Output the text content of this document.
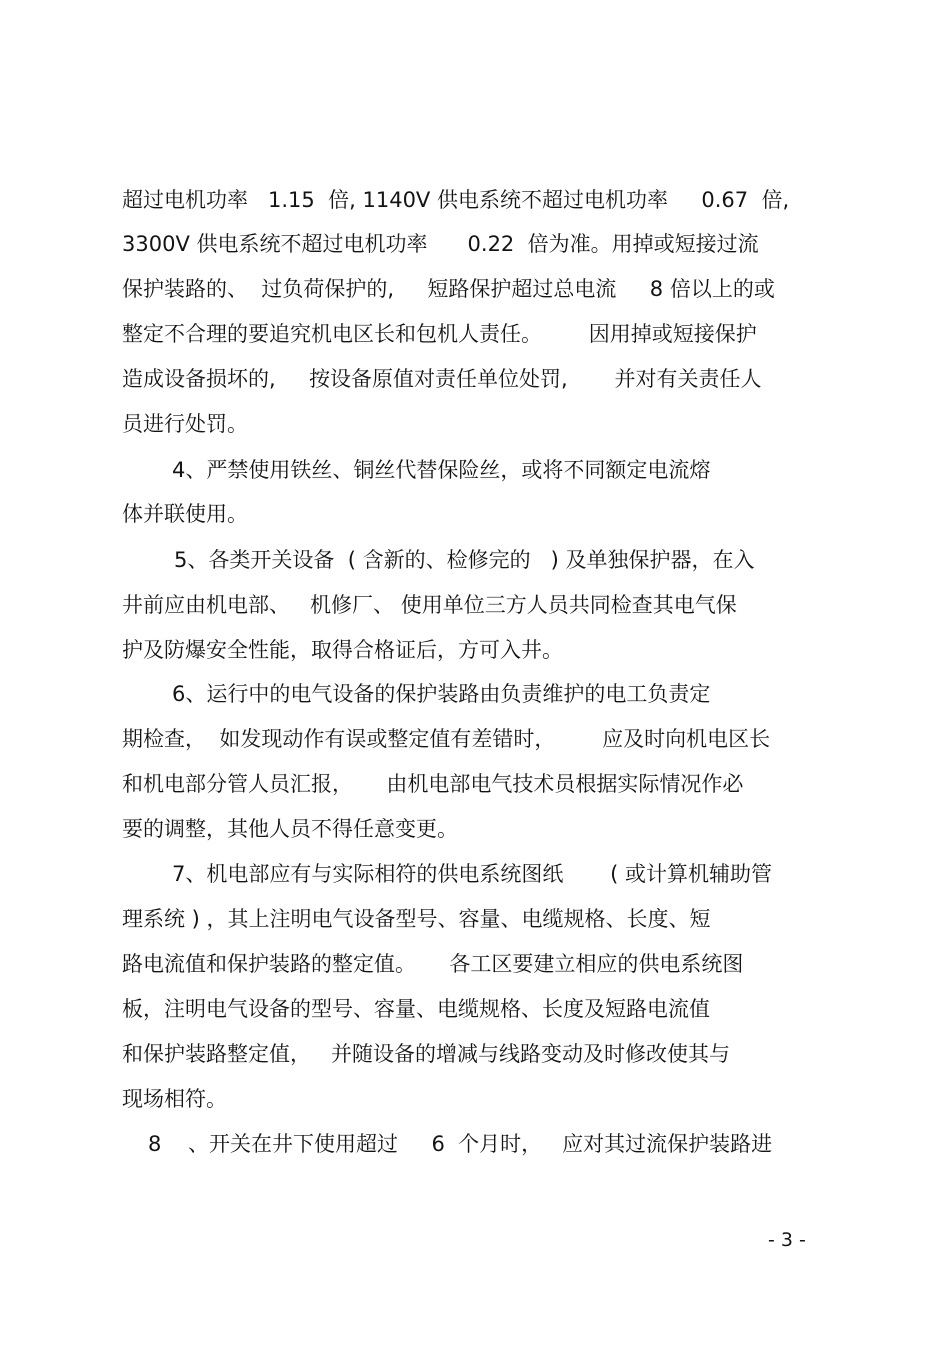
超过电机功率   1.15  倍, 1140V 供电系统不超过电机功率     0.67  倍,
3300V 供电系统不超过电机功率      0.22  倍为准。用掉或短接过流
保护装路的、  过负荷保护的,     短路保护超过总电流     8 倍以上的或
整定不合理的要追究机电区长和包机人责任。       因用掉或短接保护
造成设备损坏的,     按设备原值对责任单位处罚,       并对有关责任人
员进行处罚。
4、严禁使用铁丝、铜丝代替保险丝，或将不同额定电流熔
体并联使用。
5、各类开关设备  ( 含新的、检修完的   ) 及单独保护器，在入
井前应由机电部、   机修厂、 使用单位三方人员共同检查其电气保
护及防爆安全性能，取得合格证后，方可入井。
6、运行中的电气设备的保护装路由负责维护的电工负责定
期检查，  如发现动作有误或整定值有差错时，       应及时向机电区长
和机电部分管人员汇报，     由机电部电气技术员根据实际情况作必
要的调整，其他人员不得任意变更。
7、机电部应有与实际相符的供电系统图纸       ( 或计算机辅助管
理系统 ) ，其上注明电气设备型号、容量、电缆规格、长度、短
路电流值和保护装路的整定值。     各工区要建立相应的供电系统图
板，注明电气设备的型号、容量、电缆规格、长度及短路电流值
和保护装路整定值，   并随设备的增减与线路变动及时修改使其与
现场相符。
8    、开关在井下使用超过     6  个月时，   应对其过流保护装路进
- 3 -
